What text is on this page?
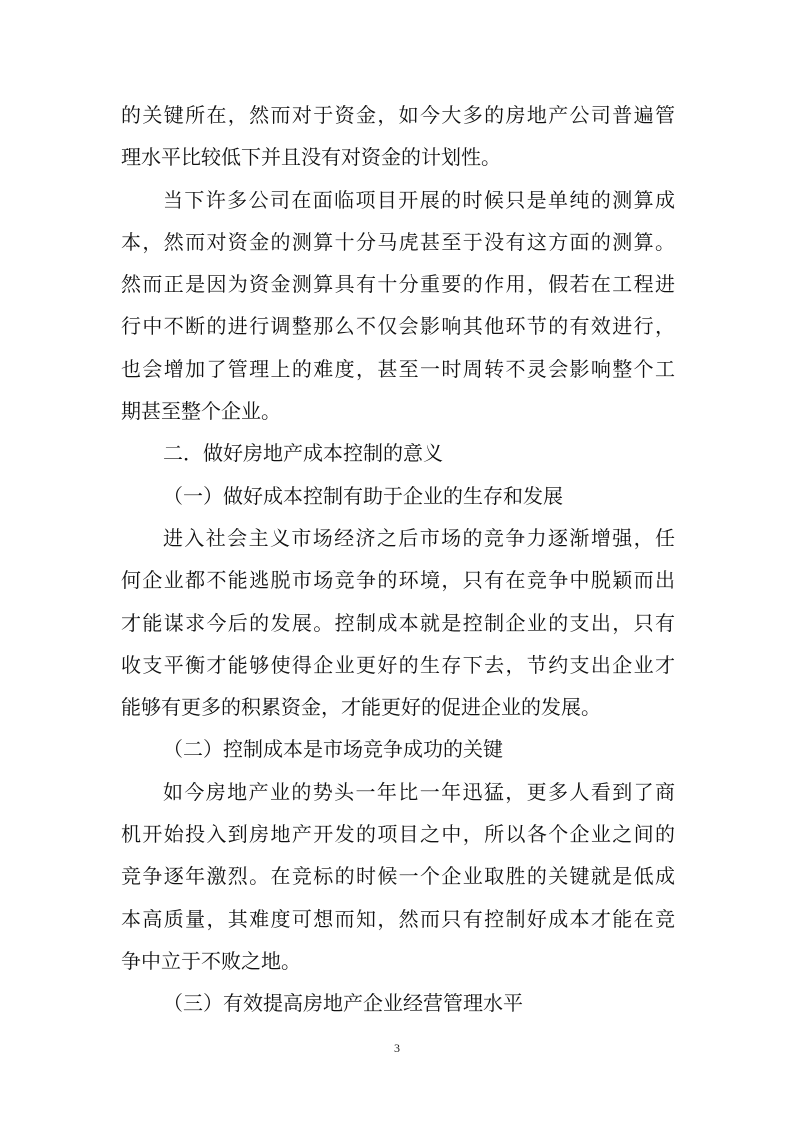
的关键所在，然而对于资金，如今大多的房地产公司普遍管
理水平比较低下并且没有对资金的计划性。
当下许多公司在面临项目开展的时候只是单纯的测算成
本，然而对资金的测算十分马虎甚至于没有这方面的测算。
然而正是因为资金测算具有十分重要的作用，假若在工程进
行中不断的进行调整那么不仅会影响其他环节的有效进行，
也会增加了管理上的难度，甚至一时周转不灵会影响整个工
期甚至整个企业。
二．做好房地产成本控制的意义
（一）做好成本控制有助于企业的生存和发展
进入社会主义市场经济之后市场的竞争力逐渐增强，任
何企业都不能逃脱市场竞争的环境，只有在竞争中脱颖而出
才能谋求今后的发展。控制成本就是控制企业的支出，只有
收支平衡才能够使得企业更好的生存下去，节约支出企业才
能够有更多的积累资金，才能更好的促进企业的发展。
（二）控制成本是市场竞争成功的关键
如今房地产业的势头一年比一年迅猛，更多人看到了商
机开始投入到房地产开发的项目之中，所以各个企业之间的
竞争逐年激烈。在竞标的时候一个企业取胜的关键就是低成
本高质量，其难度可想而知，然而只有控制好成本才能在竞
争中立于不败之地。
（三）有效提高房地产企业经营管理水平
3
